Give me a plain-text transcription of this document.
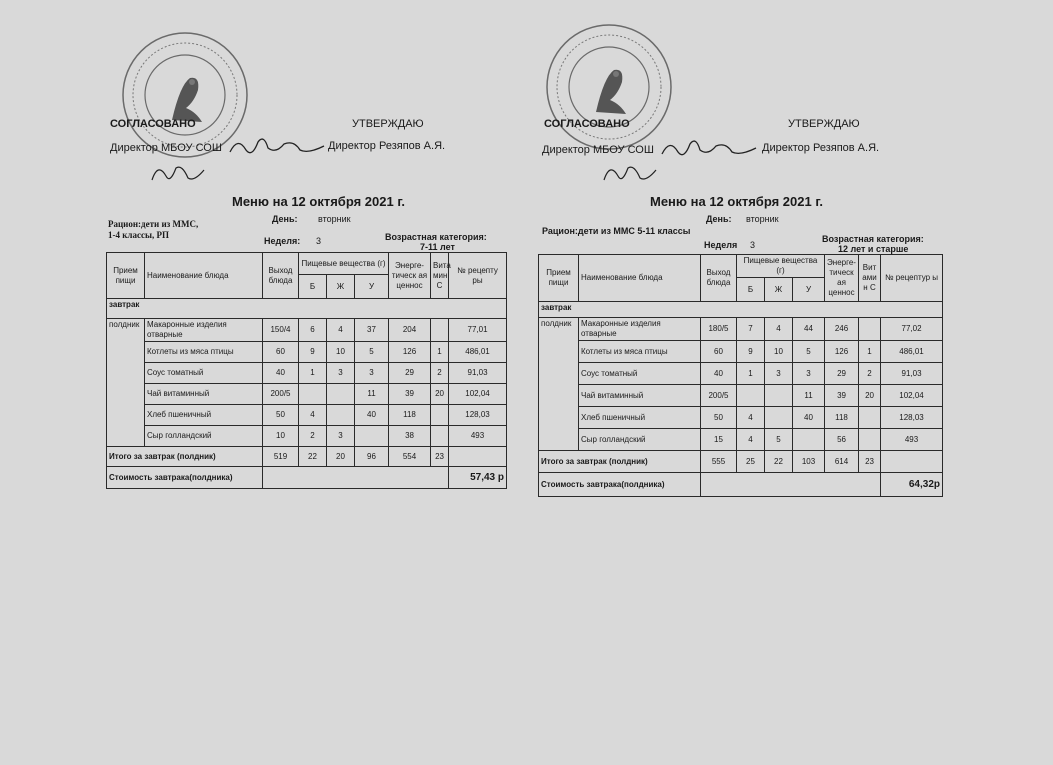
СОГЛАСОВАНО	УТВЕРЖДАЮ
Директор МБОУ СОШ	Директор Резяпов А.Я.
Меню на 12 октября 2021 г.
Рацион:дети из МMC,
1-4 классы, РП
День: вторник
Неделя: 3	Возрастная категория:
7-11 лет
Прием пищи	Наименование блюда	Выход блюда	Пищевые вещества (г)			Энерге-тическ ая ценнос	Вита мин С	№ рецепту ры
			Б	Ж	У			
завтрак								
полдник	Макаронные изделия отварные	150/4	6	4	37	204		77,01
	Котлеты из мяса птицы	60	9	10	5	126	1	486,01
	Соус томатный	40	1	3	3	29	2	91,03
	Чай витаминный	200/5			11	39	20	102,04
	Хлеб пшеничный	50	4		40	118		128,03
	Сыр голландский	10	2	3		38		493
Итого за завтрак (полдник)		519	22	20	96	554	23	
Стоимость завтрака(полдника)								57,43 р
СОГЛАСОВАНО	УТВЕРЖДАЮ
Директор МБОУ СОШ	Директор Резяпов А.Я.
Меню на 12 октября 2021 г.
Рацион:дети из МMC 5-11 классы
День: вторник
Неделя 3
Возрастная категория:
12 лет и старше
Прием пищи	Наименование блюда	Выход блюда	Пищевые вещества (г)			Энерге-тическ ая ценнос	Вит ами н С	№ рецептур ы
			Б	Ж	У			
завтрак								
полдник	Макаронные изделия отварные	180/5	7	4	44	246		77,02
	Котлеты из мяса птицы	60	9	10	5	126	1	486,01
	Соус томатный	40	1	3	3	29	2	91,03
	Чай витаминный	200/5			11	39	20	102,04
	Хлеб пшеничный	50	4		40	118		128,03
	Сыр голландский	15	4	5		56		493
Итого за завтрак (полдник)		555	25	22	103	614	23	
Стоимость завтрака(полдника)								64,32р
